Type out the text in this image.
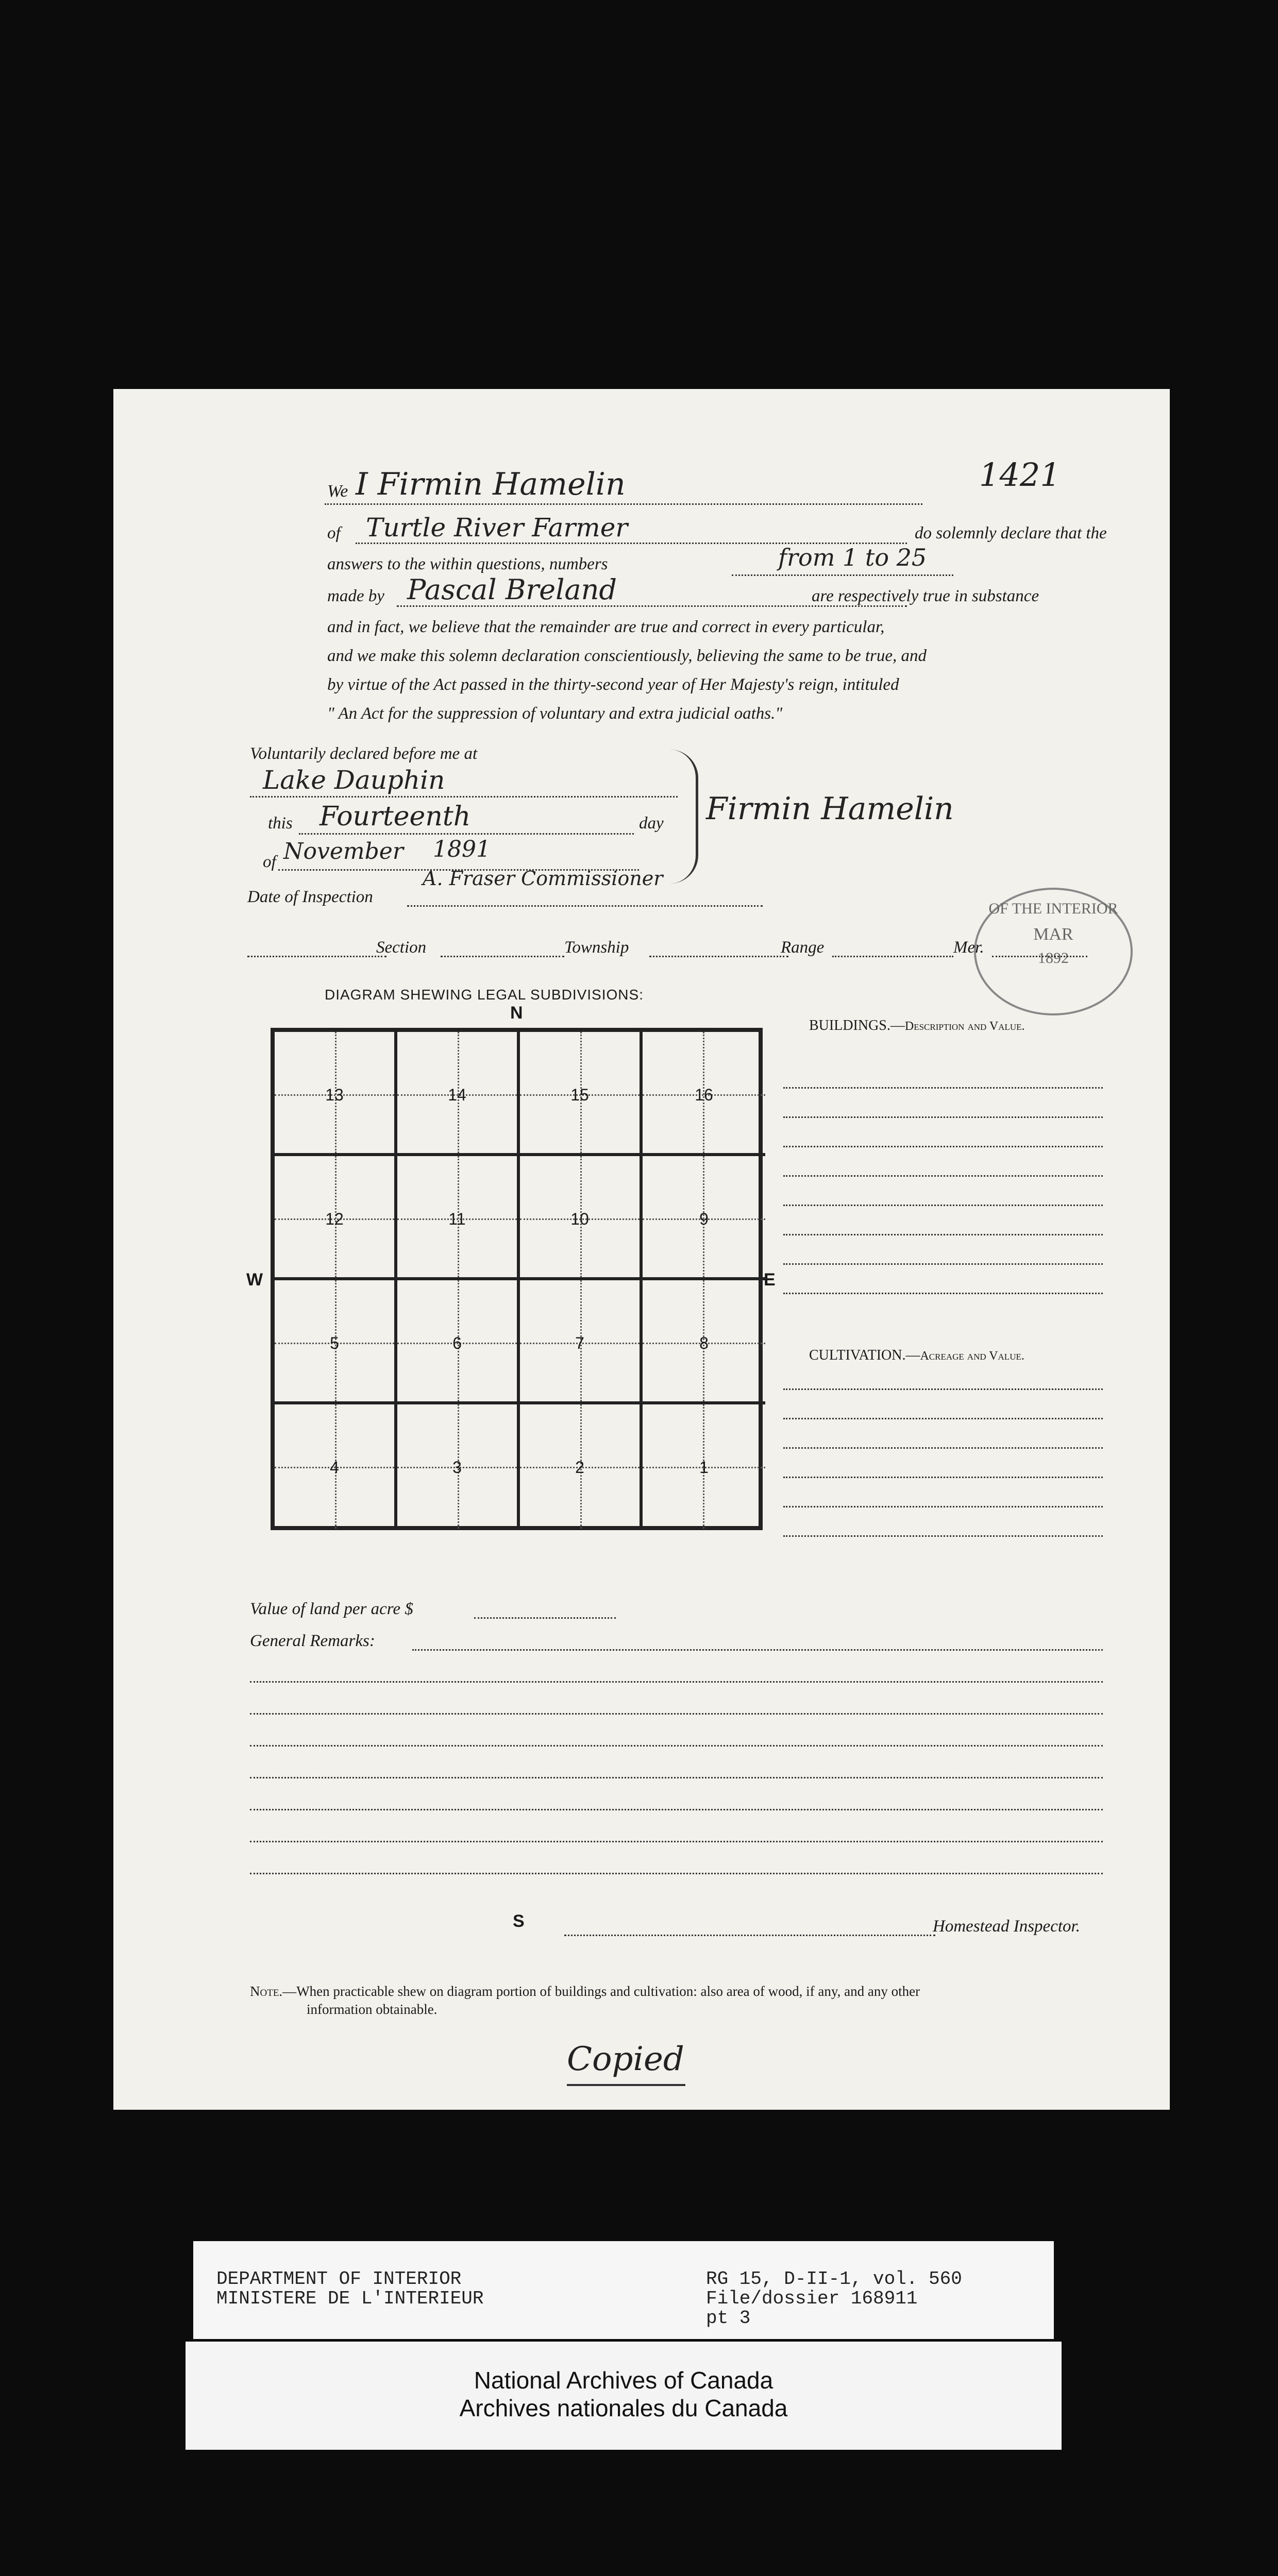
We I Firmin Hamelin	1421
of Turtle River Farmer	do solemnly declare that the
answers to the within questions, numbers	from 1 to 25
made by Pascal Breland	are respectively true in substance
and in fact, we believe that the remainder are true and correct in every particular,
and we make this solemn declaration conscientiously, believing the same to be true, and
by virtue of the Act passed in the thirty-second year of Her Majesty's reign, intituled
" An Act for the suppression of voluntary and extra judicial oaths."
OF THE INTERIOR
MAR
1892
Voluntarily declared before me at
Lake Dauphin
this Fourteenth	day
of November 1891
Firmin Hamelin
A. Fraser Commissioner
Date of Inspection
Section	Township	Range	Mer.
DIAGRAM SHEWING LEGAL SUBDIVISIONS:
N
S
W	E
13	14	15	16
12	11	10	9
5	6	7	8
4	3	2	1
BUILDINGS.—Description and Value.
CULTIVATION.—Acreage and Value.
Value of land per acre $
General Remarks:
Homestead Inspector.
Note.—When practicable shew on diagram portion of buildings and cultivation: also area of wood, if any, and any other
information obtainable.
Copied
DEPARTMENT OF INTERIOR
MINISTERE DE L'INTERIEUR
RG 15, D-II-1, vol. 560
File/dossier 168911
pt 3
National Archives of Canada
Archives nationales du Canada
